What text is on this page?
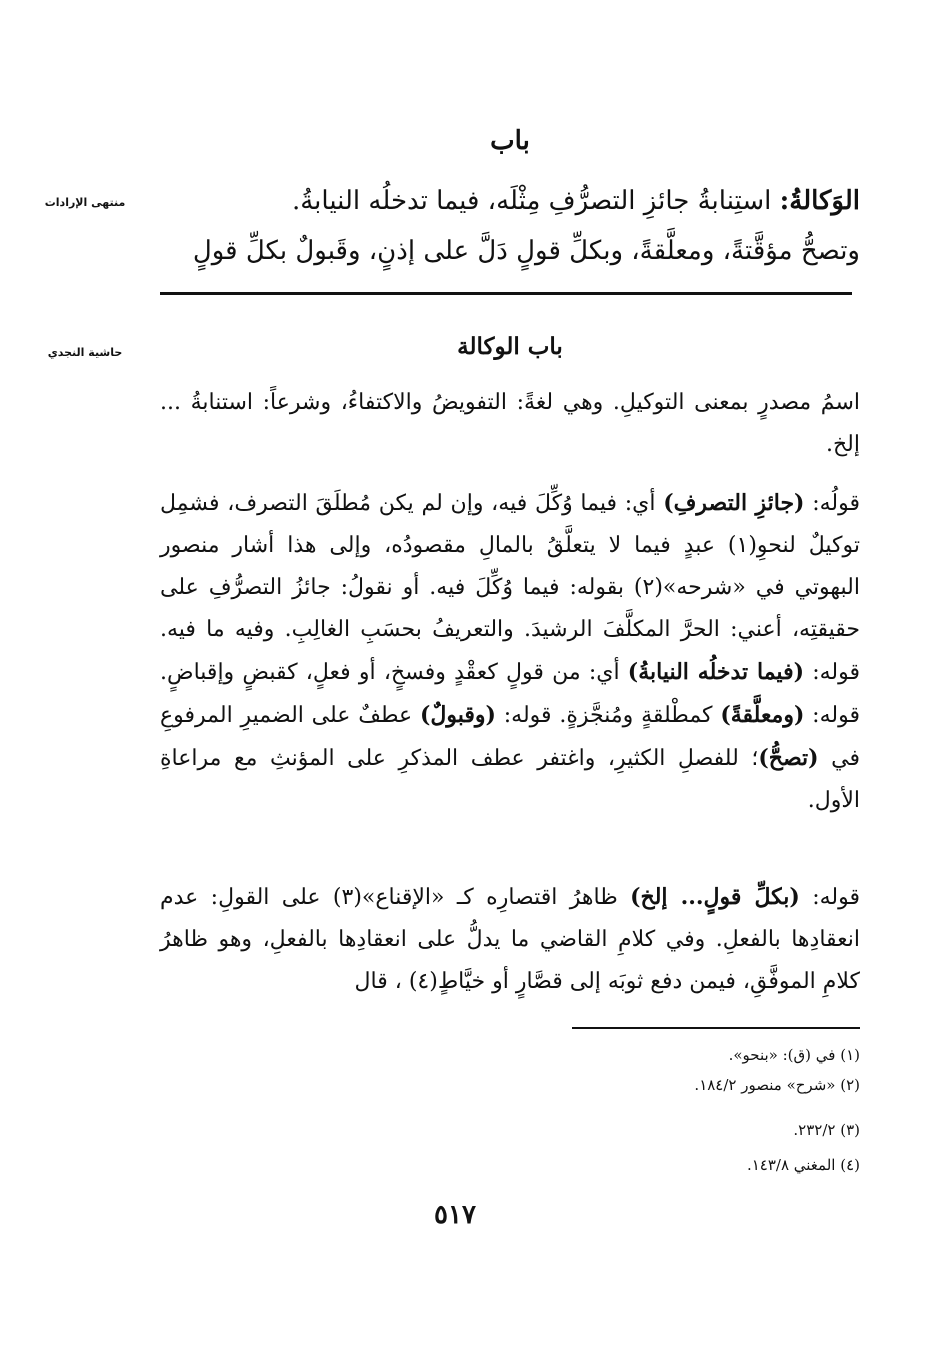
منتهى الإرادات
حاشية النجدي
باب
الوَكالةُ: استِنابةُ جائزِ التصرُّفِ مِثْلَه، فيما تدخلُه النيابةُ.
وتصحُّ مؤقَّتةً، ومعلَّقةً، وبكلِّ قولٍ دَلَّ على إذنٍ، وقَبولٌ بكلِّ قولٍ
باب الوكالة
اسمُ مصدرٍ بمعنى التوكيلِ. وهي لغةً: التفويضُ والاكتفاءُ، وشرعاً: استنابةُ ... إلخ.
قولُه: (جائزِ التصرفِ) أي: فيما وُكِّلَ فيه، وإن لم يكن مُطلَقَ التصرف، فشمِل توكيلٌ لنحوِ(١) عبدٍ فيما لا يتعلَّقُ بالمالِ مقصودُه، وإلى هذا أشار منصور البهوتي في «شرحه»(٢) بقوله: فيما وُكِّلَ فيه. أو نقولُ: جائزُ التصرُّفِ على حقيقتِه، أعني: الحرَّ المكلَّفَ الرشيدَ. والتعريفُ بحسَبِ الغالِبِ. وفيه ما فيه. قوله: (فيما تدخلُه النيابةُ) أي: من قولٍ كعقْدٍ وفسخٍ، أو فعلٍ، كقبضٍ وإقباضٍ. قوله: (ومعلَّقةً) كمطْلقةٍ ومُنجَّزةٍ. قوله: (وقبولٌ) عطفٌ على الضميرِ المرفوعِ في (تصحُّ)؛ للفصلِ الكثيرِ، واغتفر عطف المذكرِ على المؤنثِ مع مراعاةِ الأول.
قوله: (بكلِّ قولٍ... إلخ) ظاهرُ اقتصارِه كـ «الإقناع»(٣) على القولِ: عدم انعقادِها بالفعلِ. وفي كلامِ القاضي ما يدلُّ على انعقادِها بالفعلِ، وهو ظاهرُ كلامِ الموفَّقِ، فيمن دفع ثوبَه إلى قصَّارٍ أو خيَّاطٍ(٤) ، قال
(١) في (ق): «بنحو».
(٢) «شرح» منصور ١٨٤/٢.
(٣) ٢٣٢/٢.
(٤) المغني ١٤٣/٨.
٥١٧
